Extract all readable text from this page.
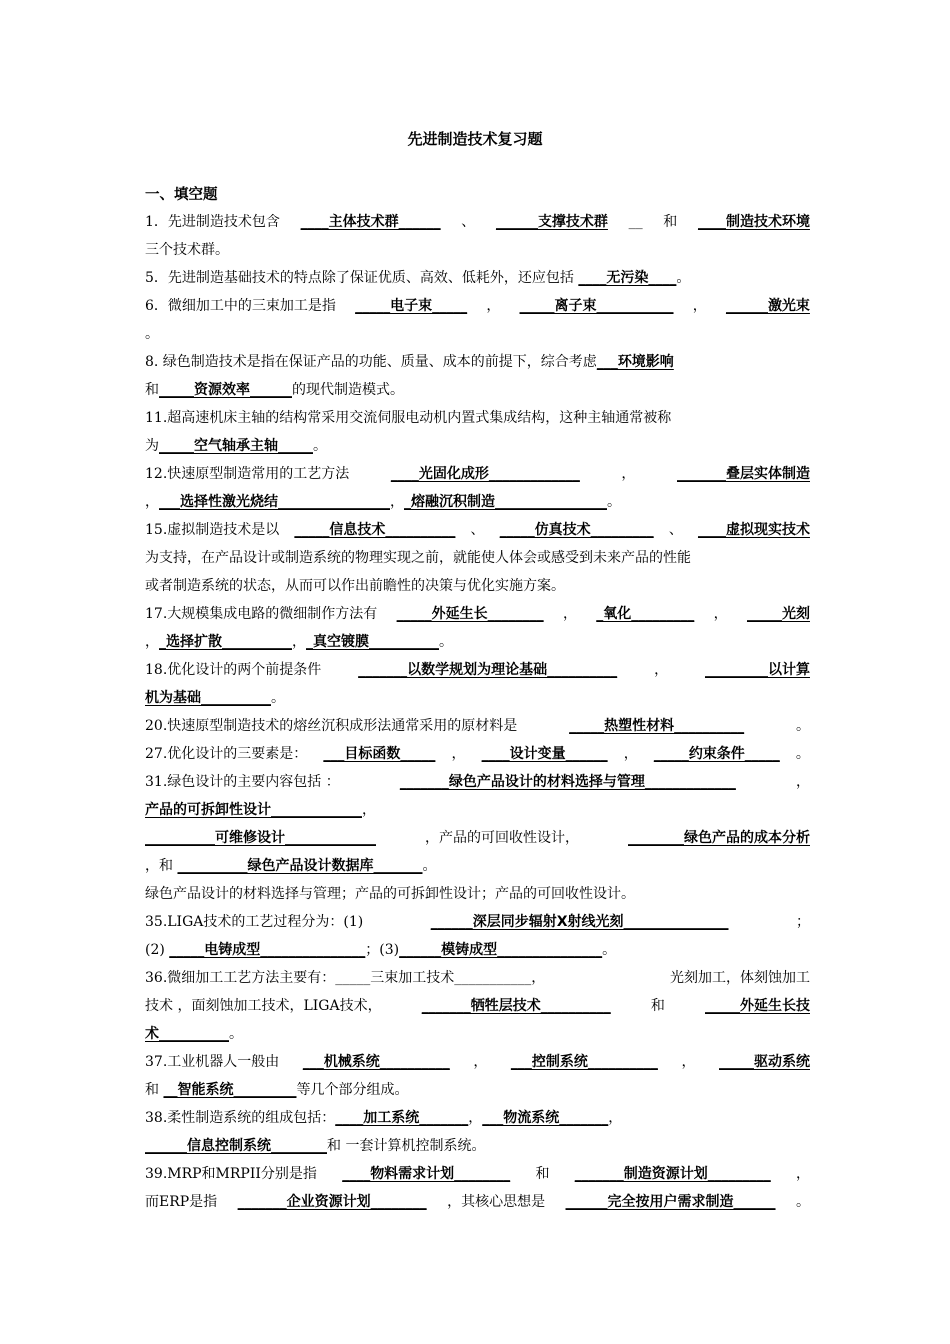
先进制造技术复习题
一、填空题
1．先进制造技术包含 ____主体技术群______ 、 ______支撑技术群 __ 和 ____制造技术环境
三个技术群。
5．先进制造基础技术的特点除了保证优质、高效、低耗外，还应包括 ____无污染____ 。
6．微细加工中的三束加工是指 _____电子束_____ ， _____离子束___________ ， ______激光束
。
8. 绿色制造技术是指在保证产品的功能、质量、成本的前提下，综合考虑 ___环境影响
和 _____资源效率______ 的现代制造模式。
11.超高速机床主轴的结构常采用交流伺服电动机内置式集成结构，这种主轴通常被称
为 _____空气轴承主轴_____ 。
12.快速原型制造常用的工艺方法	____光固化成形_____________	，	_______叠层实体制造
， ___选择性激光烧结________________ ， _熔融沉积制造________________ 。
15.虚拟制造技术是以 _____信息技术__________ 、 _____仿真技术_________ 、 ____虚拟现实技术
为支持，在产品设计或制造系统的物理实现之前，就能使人体会或感受到未来产品的性能
或者制造系统的状态，从而可以作出前瞻性的决策与优化实施方案。
17.大规模集成电路的微细制作方法有 _____外延生长________ ， _氧化_________ ， _____光刻
， _选择扩散__________ ， _真空镀膜__________ 。
18.优化设计的两个前提条件	_______以数学规划为理论基础__________	，	_________以计算
机为基础__________ 。
20.快速原型制造技术的熔丝沉积成形法通常采用的原材料是	_____热塑性材料__________	。
27.优化设计的三要素是： ___目标函数_____ ， ____设计变量______ ， _____约束条件_____ 。
31.绿色设计的主要内容包括 ：	_______绿色产品设计的材料选择与管理_____________	，
产品的可拆卸性设计_____________ ，
__________可维修设计_____________	，产品的可回收性设计，	________绿色产品的成本分析
，和 __________绿色产品设计数据库_______ 。
绿色产品设计的材料选择与管理；产品的可拆卸性设计；产品的可回收性设计。
35.LIGA技术的工艺过程分为：(1)	______深层同步辐射X射线光刻_______________	；
(2) _____电铸成型_______________ ；(3) ______模铸成型_______________ 。
36.微细加工工艺方法主要有：_____三束加工技术___________，	光刻加工，体刻蚀加工
技术 ，面刻蚀加工技术，LIGA技术，	_______牺牲层技术__________	和	_____外延生长技
术__________ 。
37.工业机器人一般由 ___机械系统__________ ， ___控制系统__________ ， _____驱动系统
和 __智能系统_________ 等几个部分组成。
38.柔性制造系统的组成包括： ____加工系统_______ ， ___物流系统_______ ，
______信息控制系统________ 和 一套计算机控制系统。
39.MRP和MRPII分别是指 ____物料需求计划________ 和 _______制造资源计划_________ ，
而ERP是指 _______企业资源计划________ ，其核心思想是 ______完全按用户需求制造______ 。
